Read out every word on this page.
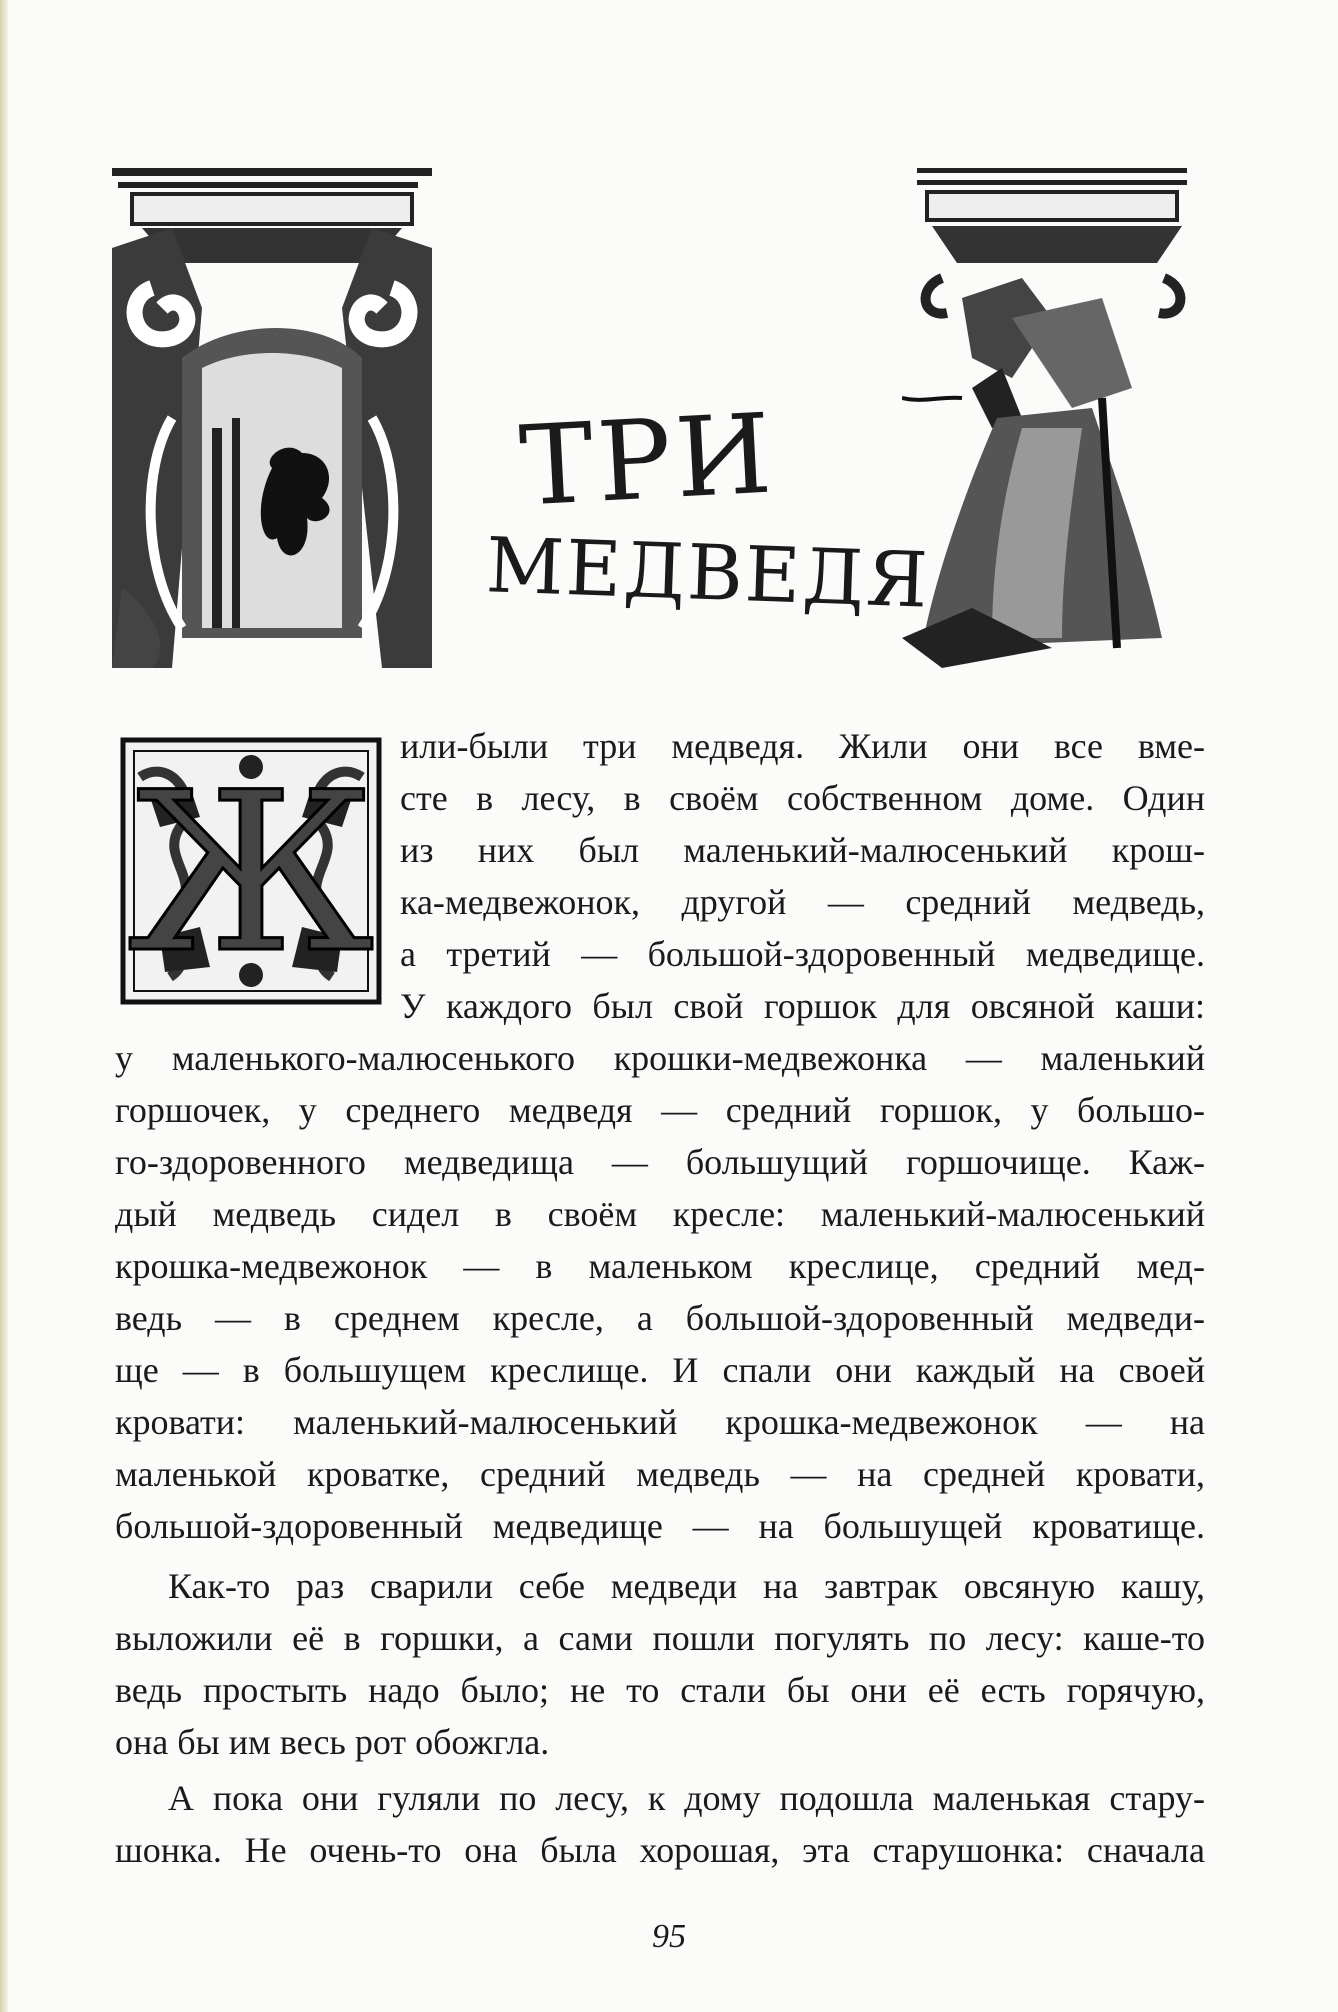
ТРИ
МЕДВЕДЯ
Ж или-были три медведя. Жили они все вме-
сте в лесу, в своём собственном доме. Один
из них был маленький-малюсенький крош-
ка-медвежонок, другой — средний медведь,
а третий — большой-здоровенный медведище.
У каждого был свой горшок для овсяной каши:
у маленького-малюсенького крошки-медвежонка — маленький
горшочек, у среднего медведя — средний горшок, у большо-
го-здоровенного медведища — большущий горшочище. Каж-
дый медведь сидел в своём кресле: маленький-малюсенький
крошка-медвежонок — в маленьком креслице, средний мед-
ведь — в среднем кресле, а большой-здоровенный медведи-
ще — в большущем креслище. И спали они каждый на своей
кровати: маленький-малюсенький крошка-медвежонок — на
маленькой кроватке, средний медведь — на средней кровати,
большой-здоровенный медведище — на большущей кроватище.
Как-то раз сварили себе медведи на завтрак овсяную кашу,
выложили её в горшки, а сами пошли погулять по лесу: каше-то
ведь простыть надо было; не то стали бы они её есть горячую,
она бы им весь рот обожгла.
А пока они гуляли по лесу, к дому подошла маленькая стару-
шонка. Не очень-то она была хорошая, эта старушонка: сначала
95
